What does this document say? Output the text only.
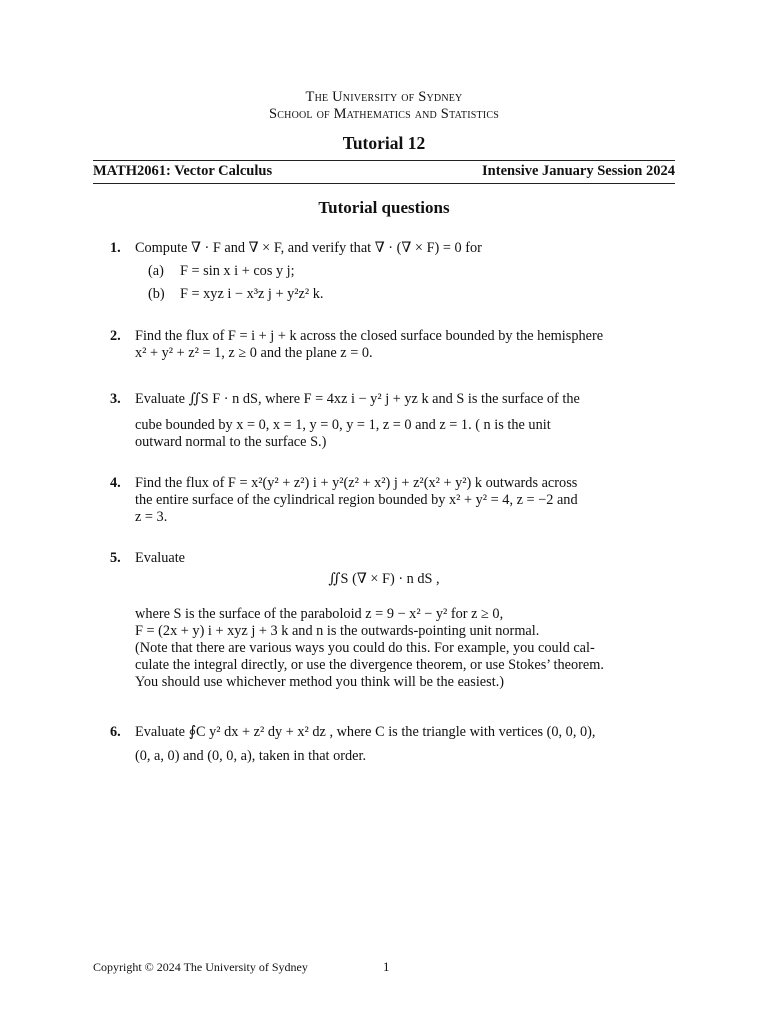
The University of Sydney
School of Mathematics and Statistics
Tutorial 12
MATH2061: Vector Calculus	Intensive January Session 2024
Tutorial questions
1. Compute ∇ · F and ∇ × F, and verify that ∇ · (∇ × F) = 0 for
(a) F = sin x i + cos y j;
(b) F = xyz i − x³z j + y²z² k.
2. Find the flux of F = i + j + k across the closed surface bounded by the hemisphere
x² + y² + z² = 1, z ≥ 0 and the plane z = 0.
3. Evaluate ∬S F · n dS, where F = 4xz i − y² j + yz k and S is the surface of the
cube bounded by x = 0, x = 1, y = 0, y = 1, z = 0 and z = 1. ( n is the unit
outward normal to the surface S.)
4. Find the flux of F = x²(y² + z²) i + y²(z² + x²) j + z²(x² + y²) k outwards across
the entire surface of the cylindrical region bounded by x² + y² = 4, z = −2 and
z = 3.
5. Evaluate
∬S (∇ × F) · n dS ,
where S is the surface of the paraboloid z = 9 − x² − y² for z ≥ 0,
F = (2x + y) i + xyz j + 3 k and n is the outwards-pointing unit normal.
(Note that there are various ways you could do this. For example, you could cal-
culate the integral directly, or use the divergence theorem, or use Stokes’ theorem.
You should use whichever method you think will be the easiest.)
6. Evaluate ∮C y² dx + z² dy + x² dz , where C is the triangle with vertices (0, 0, 0),
(0, a, 0) and (0, 0, a), taken in that order.
Copyright © 2024 The University of Sydney	1
